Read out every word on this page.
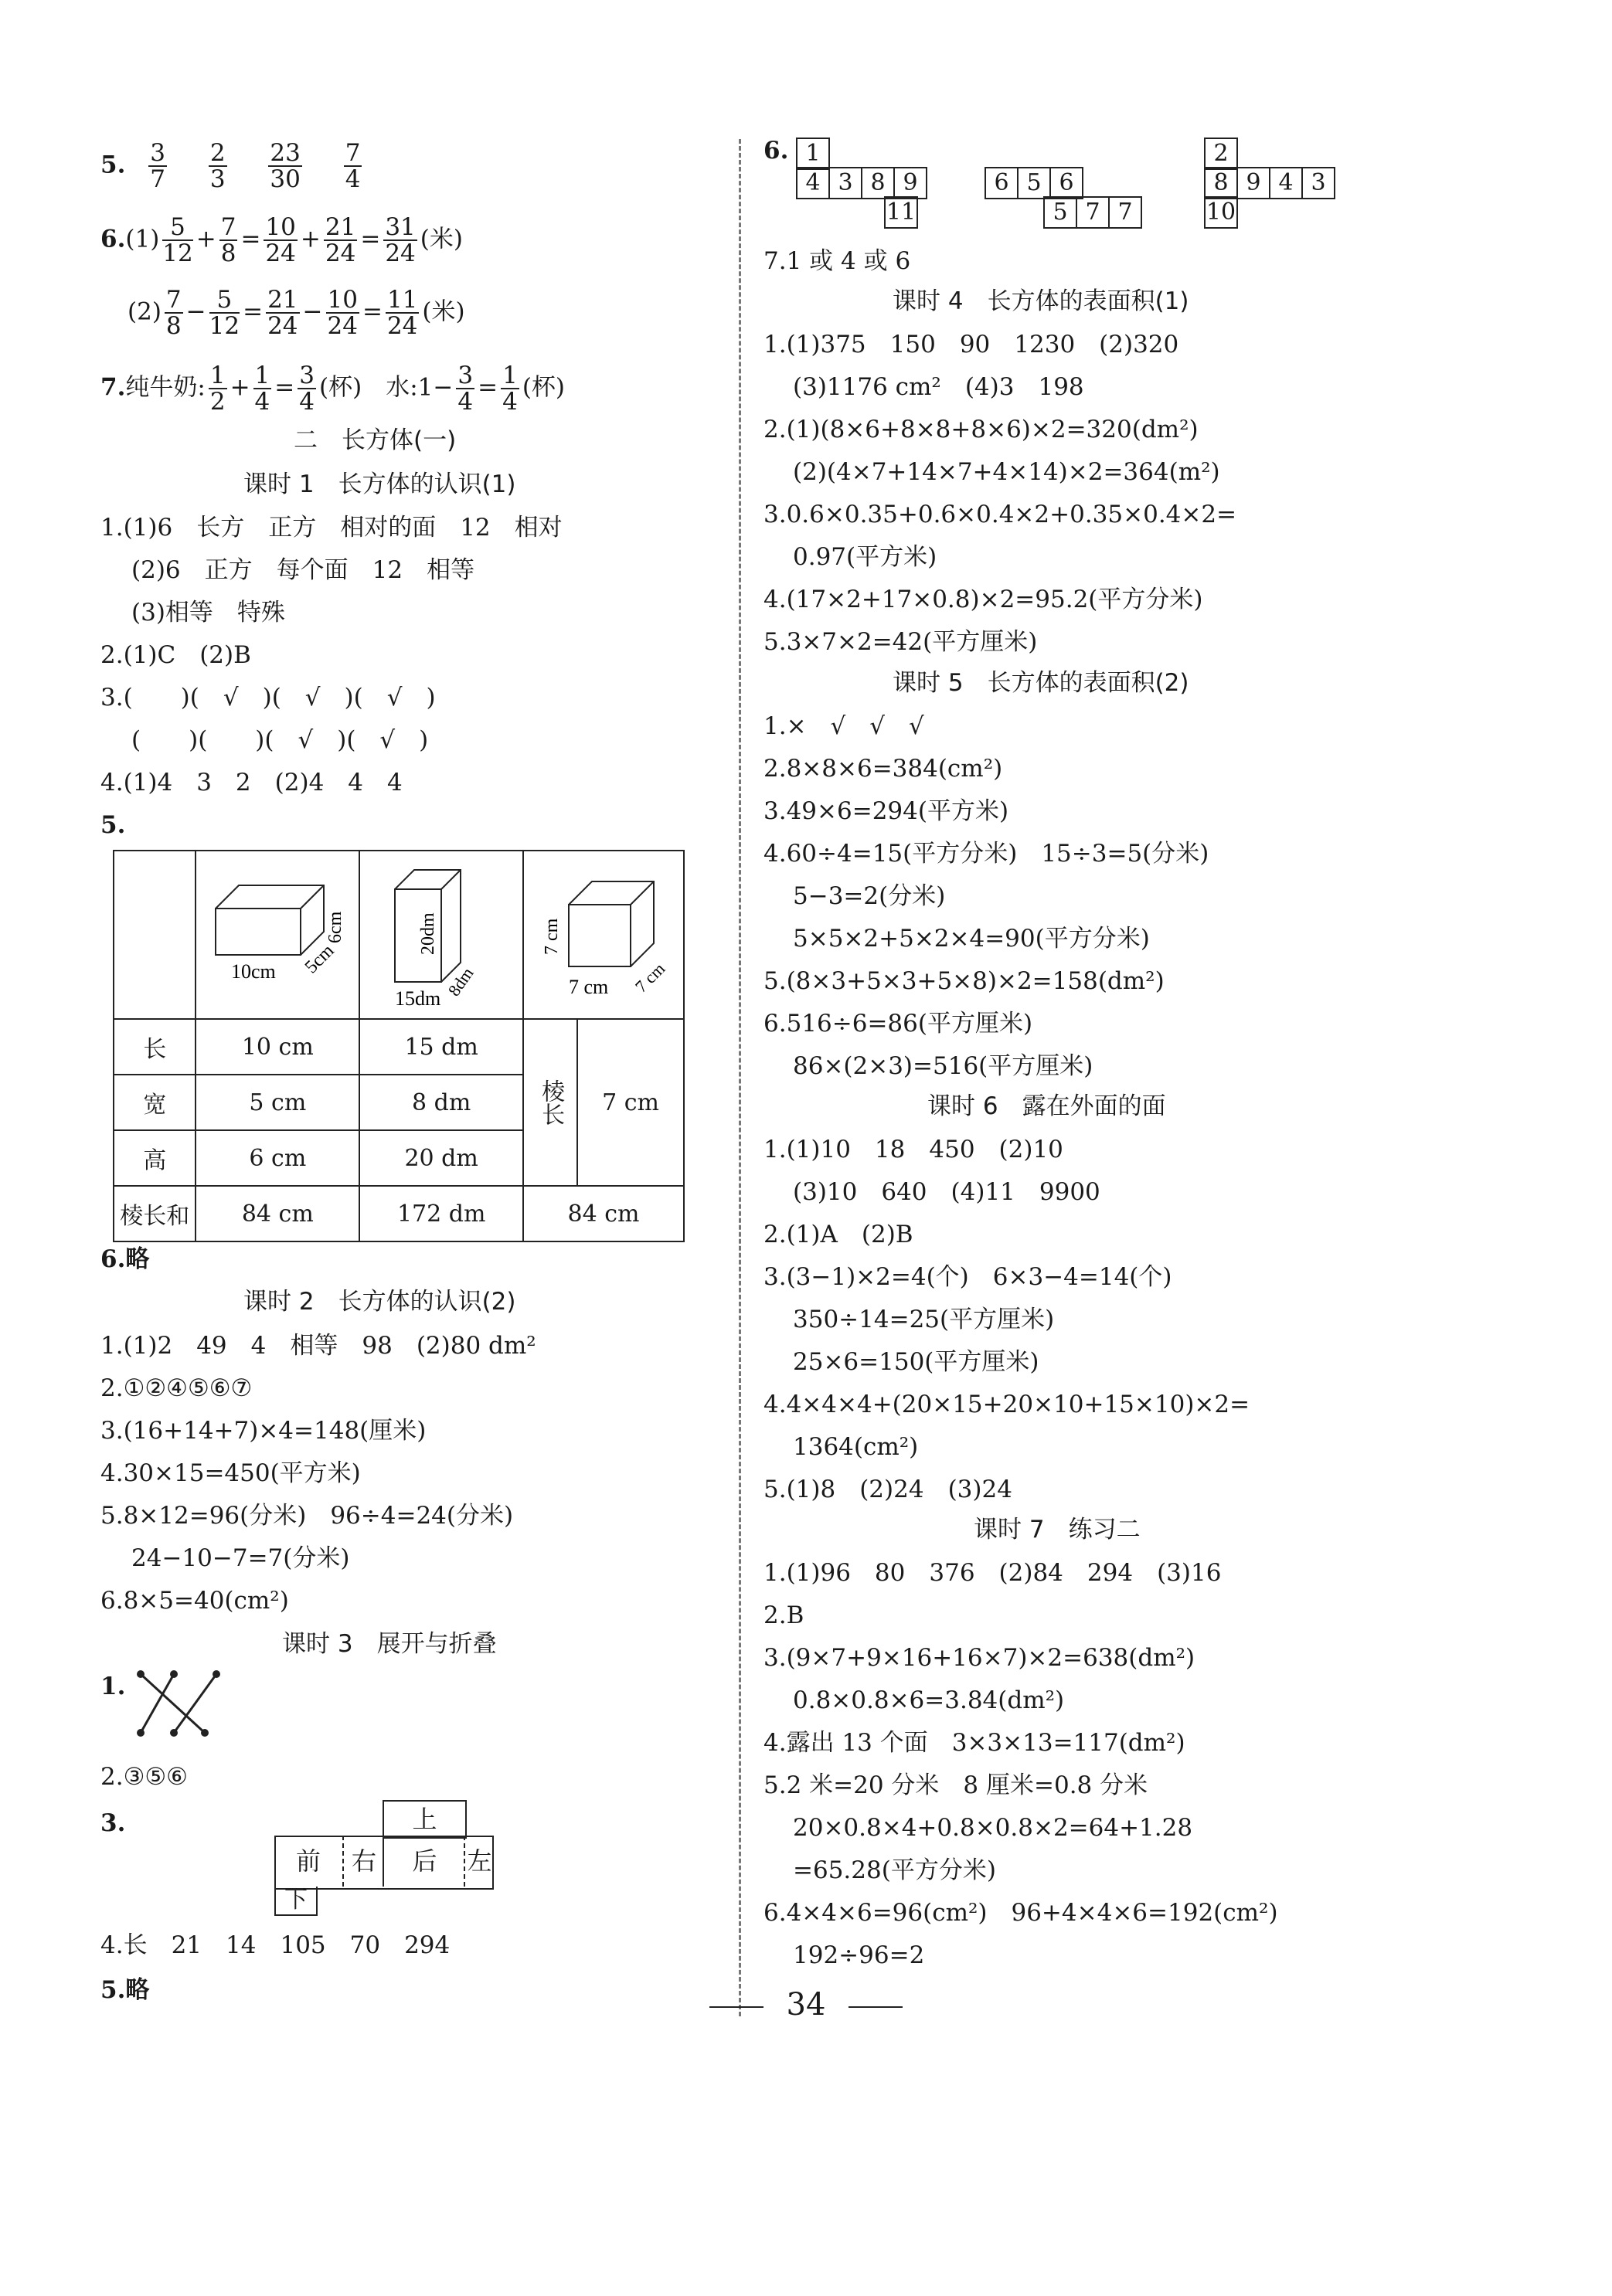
5. $\frac{3}{7}$
$\frac{2}{3}$
$\frac{23}{30}$
$\frac{7}{4}$
$6.(1) \frac{5}{12} + \frac{7}{8} = \frac{10}{24} + \frac{21}{24} = \frac{31}{24}$ (米)
$(2) \frac{7}{8} - \frac{5}{12} = \frac{21}{24} - \frac{10}{24} = \frac{11}{24}$ (米)
7.纯牛奶: $\frac{1}{2} + \frac{1}{4} = \frac{3}{4}$ (杯)　 水:1− $\frac{3}{4} = \frac{1}{4}$ (杯)
二　长方体(一)
课时 1　长方体的认识(1)
1.(1)6　长方　正方　相对的面　12　相对
(2)6　正方　每个面　12　相等
(3)相等　特殊
2.(1)C　(2)B
3.(　　)(　√　)(　√　)(　√　)
(　　)(　　)(　√　)(　√　)
4.(1)4　3　2　(2)4　4　4
5.

10cm 5cm
6cm	20dm
8dm
15dm	7 cm
7 cm 7 cm	

长	10 cm	15 dm	棱长	7 cm
宽	5 cm	8 dm		
高	6 cm	20 dm		
棱长和	84 cm	172 dm	84 cm	
6.略
课时 2　长方体的认识(2)
1.(1)2　49　4　相等　98　(2)80 dm²
2.①②④⑤⑥⑦
3.(16+14+7)×4=148(厘米)
4.30×15=450(平方米)
5.8×12=96(分米)　96÷4=24(分米)
24−10−7=7(分米)
6.8×5=40(cm²)
课时 3　展开与折叠
1.
2.③⑤⑥
3.	上
前	右	后	左
下
4.长　21　14　105　70　294
5.略
6. 1
4 3 8 9
11
6 5 6
5 7 7
2
8 9 4 3
10
7.1 或 4 或 6
课时 4　长方体的表面积(1)
1.(1)375　150　90　1230　(2)320
(3)1176 cm²　(4)3　198
2.(1)(8×6+8×8+8×6)×2=320(dm²)
(2)(4×7+14×7+4×14)×2=364(m²)
3.0.6×0.35+0.6×0.4×2+0.35×0.4×2=
0.97(平方米)
4.(17×2+17×0.8)×2=95.2(平方分米)
5.3×7×2=42(平方厘米)
课时 5　长方体的表面积(2)
1.×　√　√　√
2.8×8×6=384(cm²)
3.49×6=294(平方米)
4.60÷4=15(平方分米)　15÷3=5(分米)
5−3=2(分米)
5×5×2+5×2×4=90(平方分米)
5.(8×3+5×3+5×8)×2=158(dm²)
6.516÷6=86(平方厘米)
86×(2×3)=516(平方厘米)
课时 6　露在外面的面
1.(1)10　18　450　(2)10
(3)10　640　(4)11　9900
2.(1)A　(2)B
3.(3−1)×2=4(个)　6×3−4=14(个)
350÷14=25(平方厘米)
25×6=150(平方厘米)
4.4×4×4+(20×15+20×10+15×10)×2=
1364(cm²)
5.(1)8　(2)24　(3)24
课时 7　练习二
1.(1)96　80　376　(2)84　294　(3)16
2.B
3.(9×7+9×16+16×7)×2=638(dm²)
0.8×0.8×6=3.84(dm²)
4.露出 13 个面　3×3×13=117(dm²)
5.2 米=20 分米　8 厘米=0.8 分米
20×0.8×4+0.8×0.8×2=64+1.28
=65.28(平方分米)
6.4×4×6=96(cm²)　96+4×4×6=192(cm²)
192÷96=2
34
